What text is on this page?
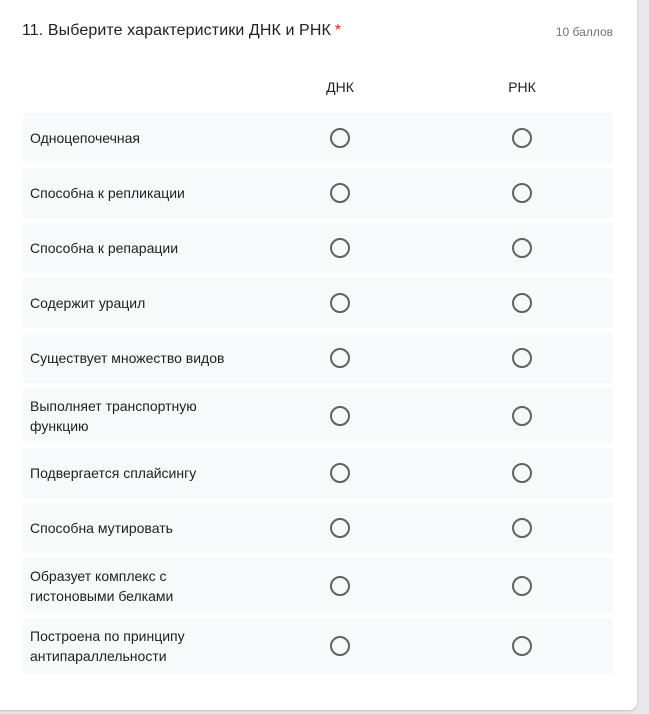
11. Выберите характеристики ДНК и РНК *	10 баллов
ДНК	РНК
Одноцепочечная
Способна к репликации
Способна к репарации
Содержит урацил
Существует множество видов
Выполняет транспортную функцию
Подвергается сплайсингу
Способна мутировать
Образует комплекс с гистоновыми белками
Построена по принципу антипараллельности
